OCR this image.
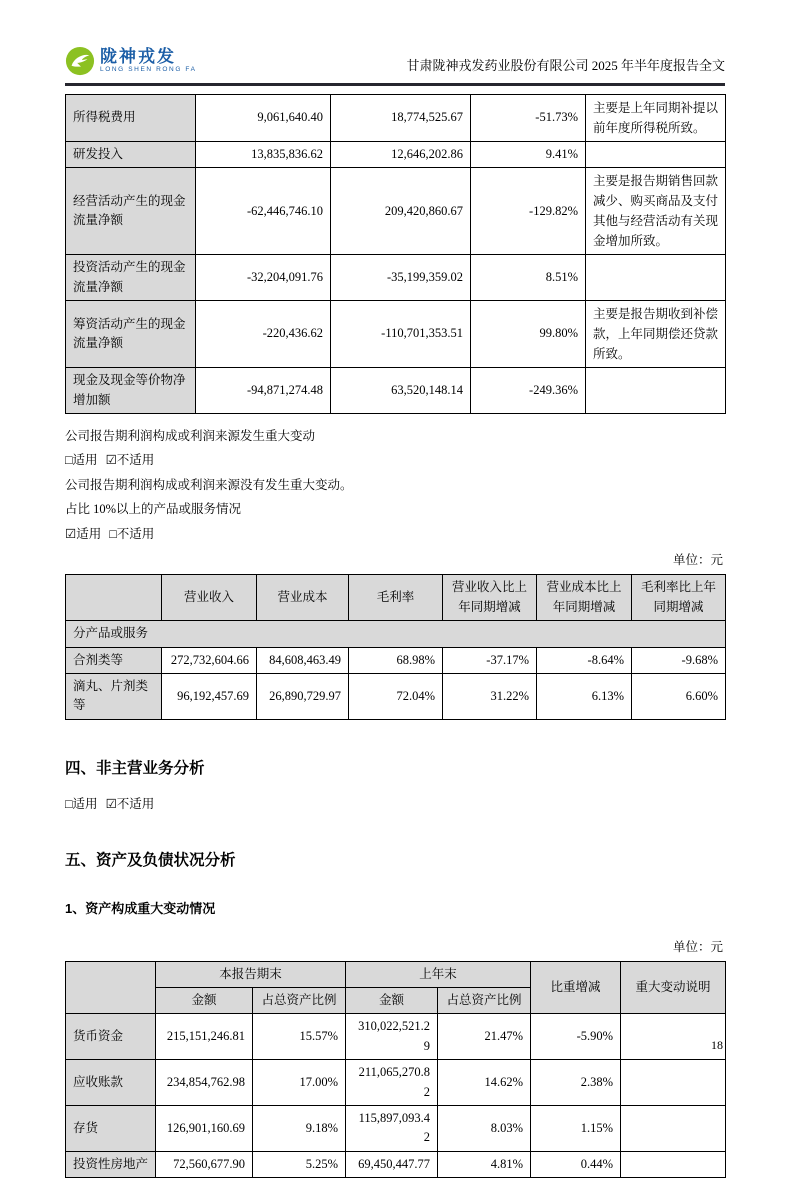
陇神戎发
LONG SHEN RONG FA	甘肃陇神戎发药业股份有限公司 2025 年半年度报告全文
所得税费用	9,061,640.40	18,774,525.67	-51.73%	主要是上年同期补提以前年度所得税所致。
研发投入	13,835,836.62	12,646,202.86	9.41%	
经营活动产生的现金流量净额	-62,446,746.10	209,420,860.67	-129.82%	主要是报告期销售回款减少、购买商品及支付其他与经营活动有关现金增加所致。
投资活动产生的现金流量净额	-32,204,091.76	-35,199,359.02	8.51%	
筹资活动产生的现金流量净额	-220,436.62	-110,701,353.51	99.80%	主要是报告期收到补偿款，上年同期偿还贷款所致。
现金及现金等价物净增加额	-94,871,274.48	63,520,148.14	-249.36%	
公司报告期利润构成或利润来源发生重大变动
□适用 ☑不适用
公司报告期利润构成或利润来源没有发生重大变动。
占比 10%以上的产品或服务情况
☑适用 □不适用
单位：元
	营业收入	营业成本	毛利率	营业收入比上年同期增减	营业成本比上年同期增减	毛利率比上年同期增减
分产品或服务						
合剂类等	272,732,604.66	84,608,463.49	68.98%	-37.17%	-8.64%	-9.68%
滴丸、片剂类等	96,192,457.69	26,890,729.97	72.04%	31.22%	6.13%	6.60%
四、非主营业务分析
□适用 ☑不适用
五、资产及负债状况分析
1、资产构成重大变动情况
单位：元
	本报告期末		上年末		比重增减	重大变动说明
	金额	占总资产比例	金额	占总资产比例		
货币资金	215,151,246.81	15.57%	310,022,521.29	21.47%	-5.90%	
应收账款	234,854,762.98	17.00%	211,065,270.82	14.62%	2.38%	
存货	126,901,160.69	9.18%	115,897,093.42	8.03%	1.15%	
投资性房地产	72,560,677.90	5.25%	69,450,447.77	4.81%	0.44%	
18
